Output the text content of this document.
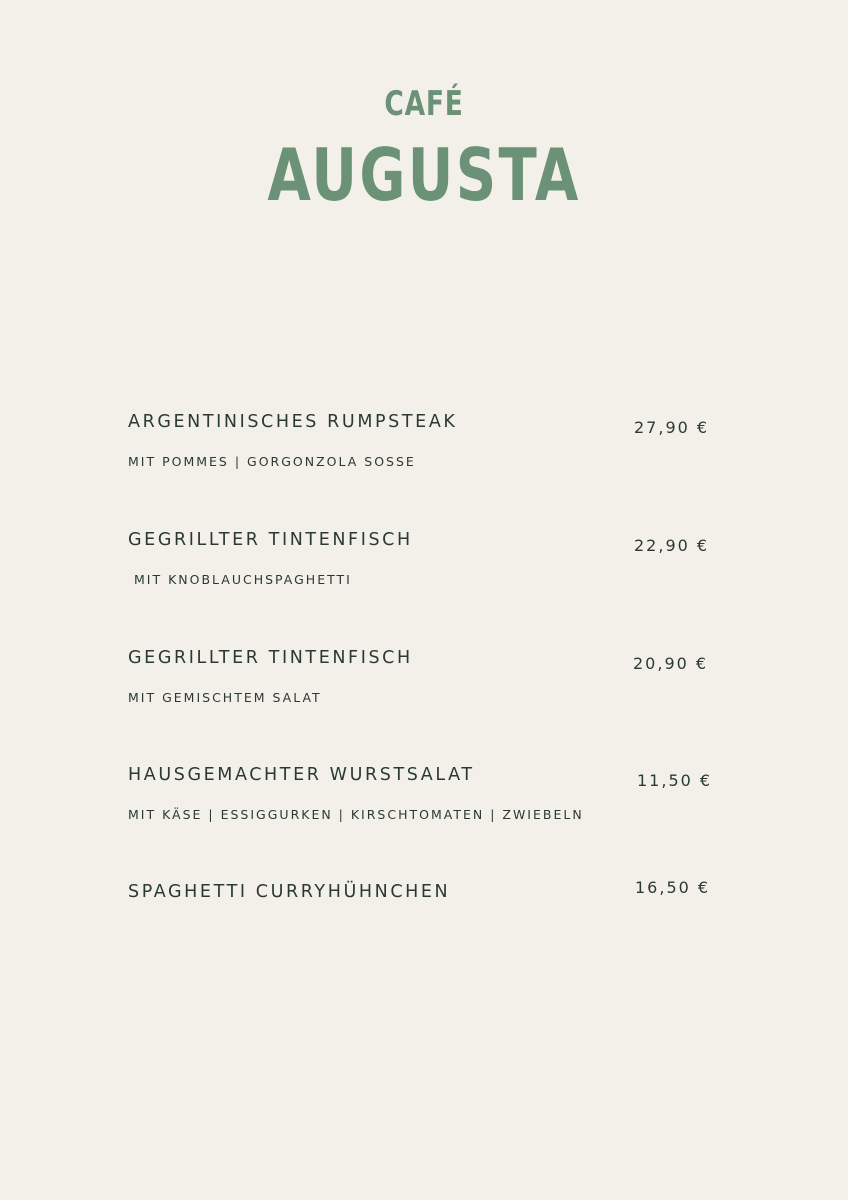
CAFÉ
AUGUSTA
ARGENTINISCHES RUMPSTEAK
MIT POMMES | GORGONZOLA SOSSE
27,90 €
GEGRILLTER TINTENFISCH
MIT KNOBLAUCHSPAGHETTI
22,90 €
GEGRILLTER TINTENFISCH
MIT GEMISCHTEM SALAT
20,90 €
HAUSGEMACHTER WURSTSALAT
MIT KÄSE | ESSIGGURKEN | KIRSCHTOMATEN | ZWIEBELN
11,50 €
SPAGHETTI CURRYHÜHNCHEN	16,50 €
